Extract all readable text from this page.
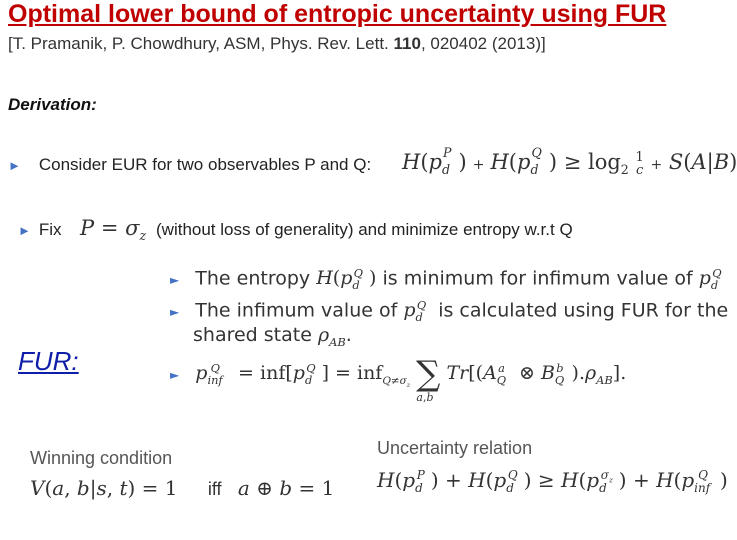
Optimal lower bound of entropic uncertainty using FUR
[T. Pramanik, P. Chowdhury, ASM, Phys. Rev. Lett. 110, 020402 (2013)]
Derivation:
► Consider EUR for two observables P and Q: $H(p_d^P$ ) + $H(p_d^Q$ ) ≥ $\log_2 1$
c + S(A|B)
► Fix $P = \sigma_z$ (without loss of generality) and minimize entropy w.r.t Q
► The entropy $H(p_d^Q$ ) is minimum for infimum value of $p_d^Q$
► The infimum value of $p_d^Q$ is calculated using FUR for the
shared state $\rho_{AB}$.
FUR:	► $p_{inf}^Q = inf[p_d^Q$ ] = inf$_{Q\ne\sigma_z}$ ∑a,b $Tr[(A_Q^a$ ⊗ $B_Q^b$ )$.\rho_{AB}$].
Winning condition
V(a, b|s, t) = 1 iff a ⊕ b = 1
Uncertainty relation
$H(p_d^P$ ) + $H(p_d^Q$ ) ≥ $H(p_d^{\sigma_z}$ ) + $H(p_{inf}^Q$ )
